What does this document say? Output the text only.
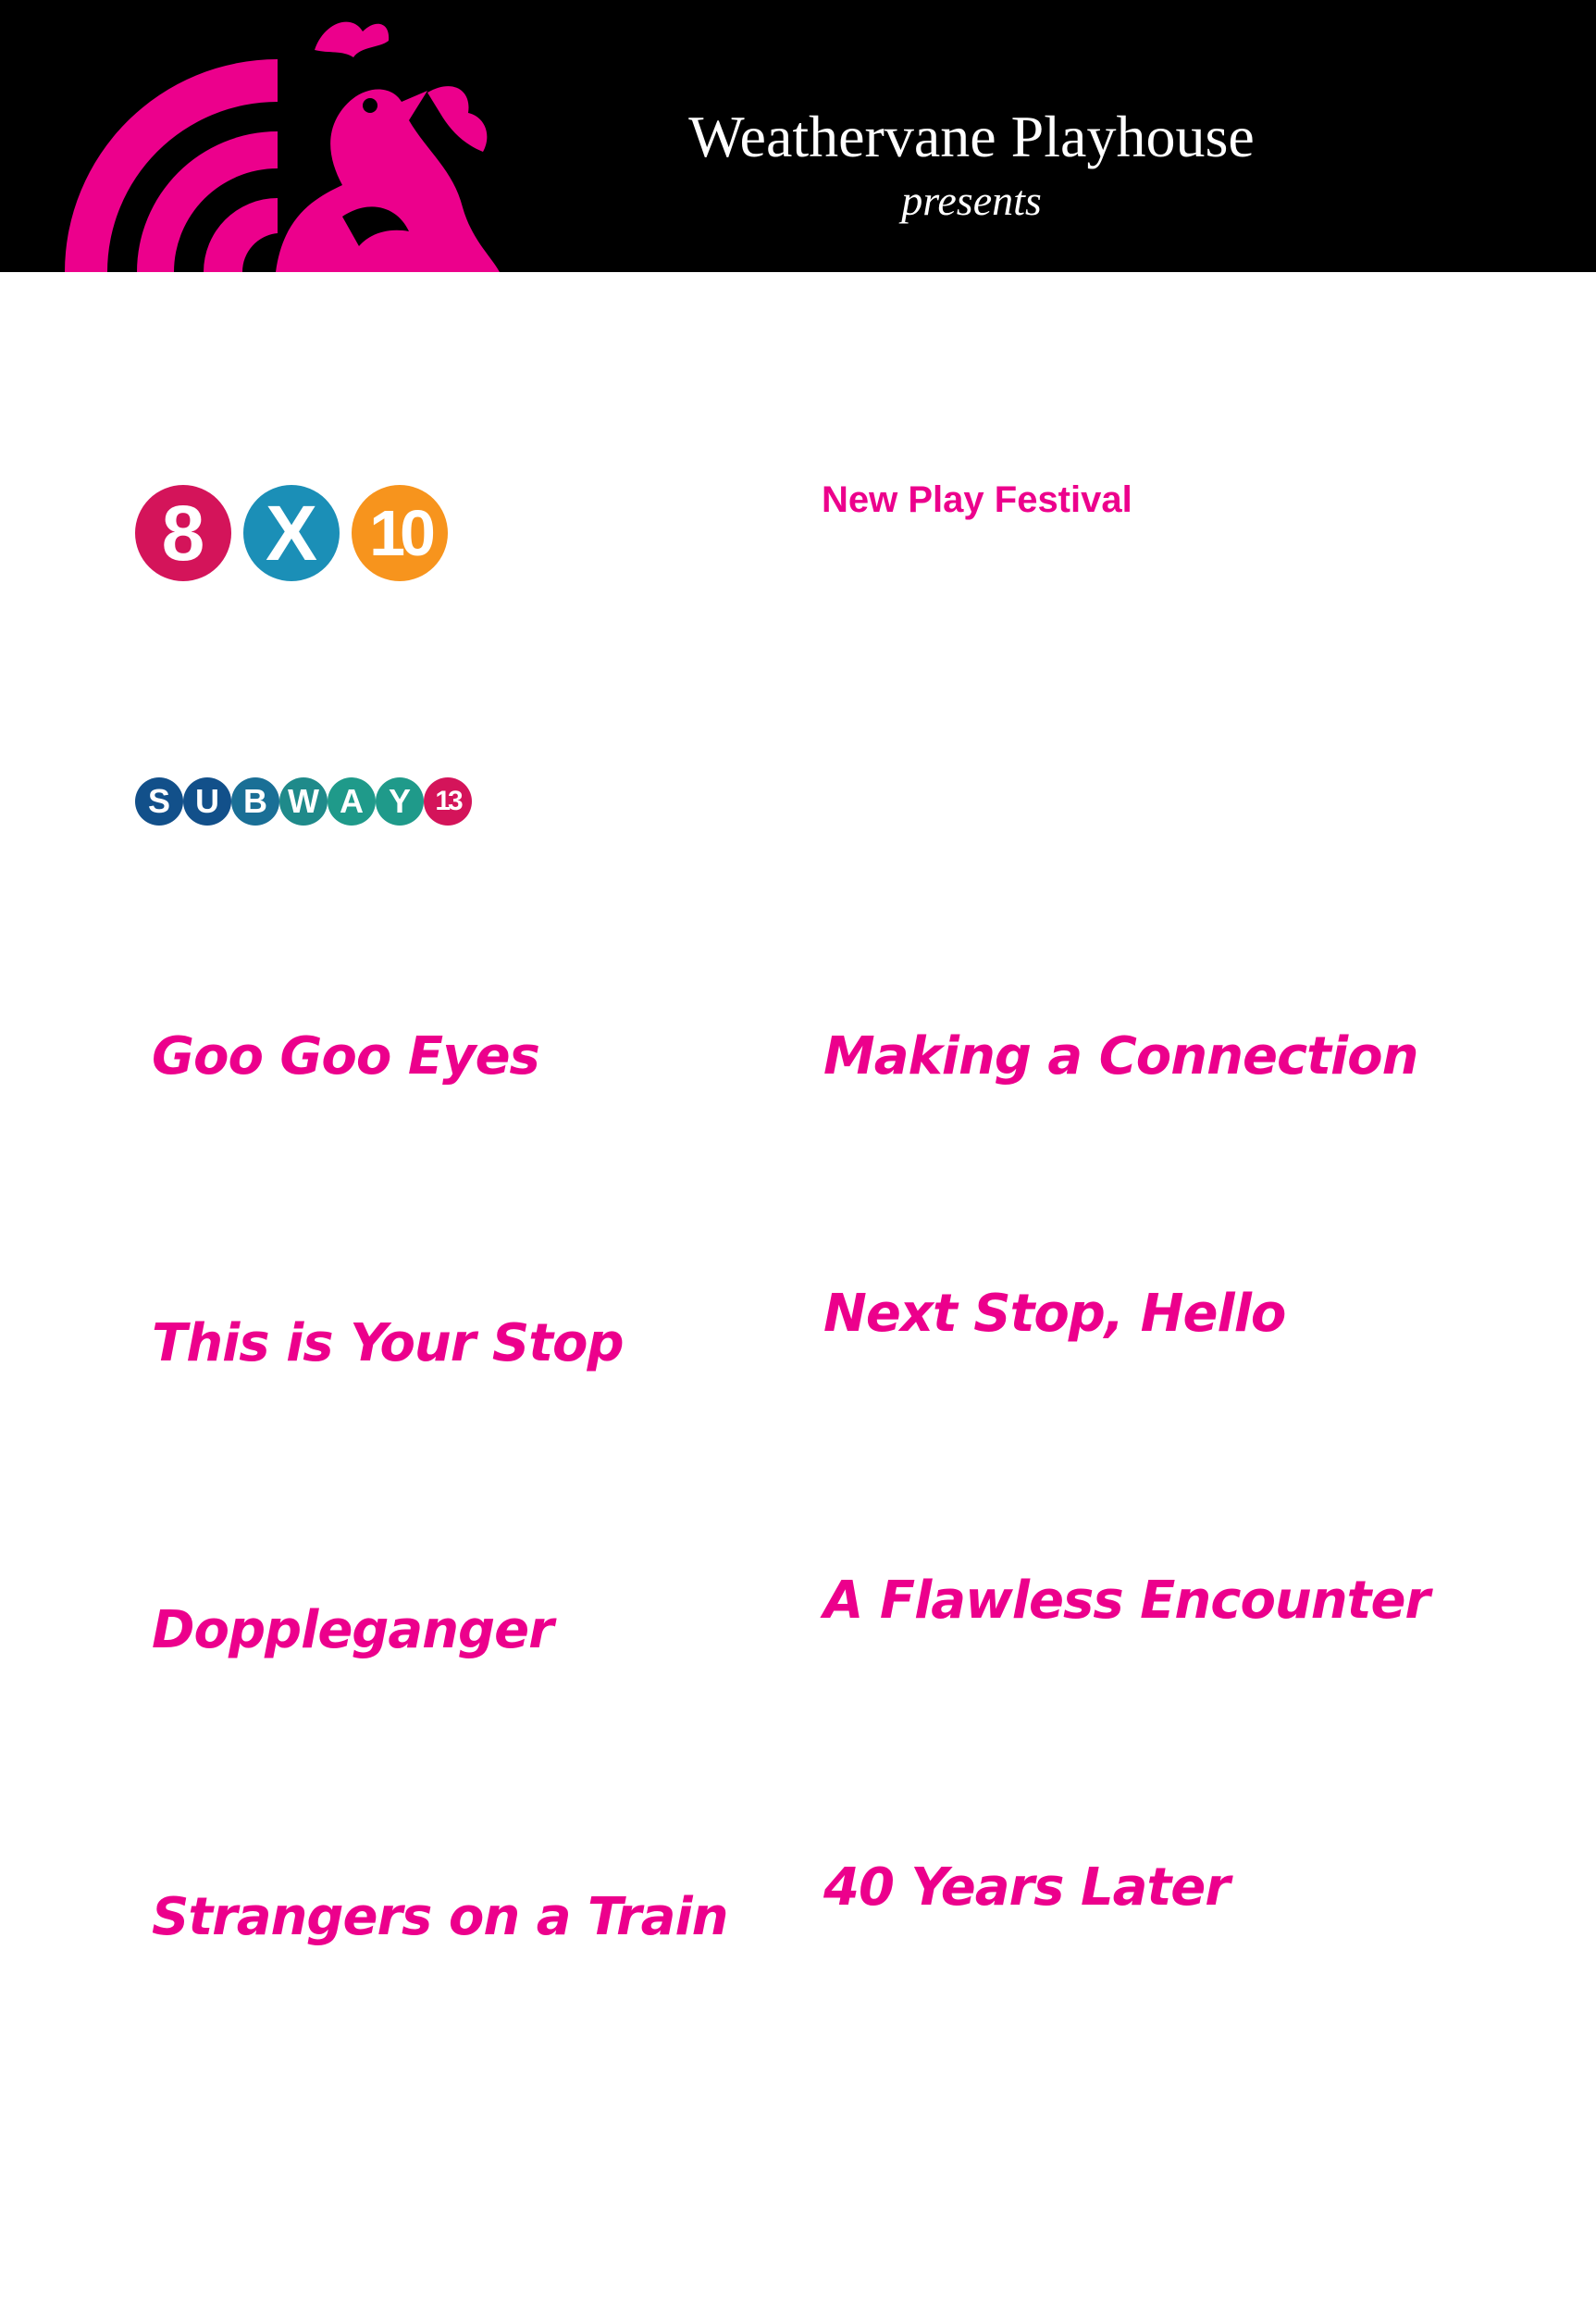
Weathervane Playhouse
presents
8 X 10	New Play Festival
S U B W A Y 13
Goo Goo Eyes
This is Your Stop
Doppleganger
Strangers on a Train
Making a Connection
Next Stop, Hello
A Flawless Encounter
40 Years Later
